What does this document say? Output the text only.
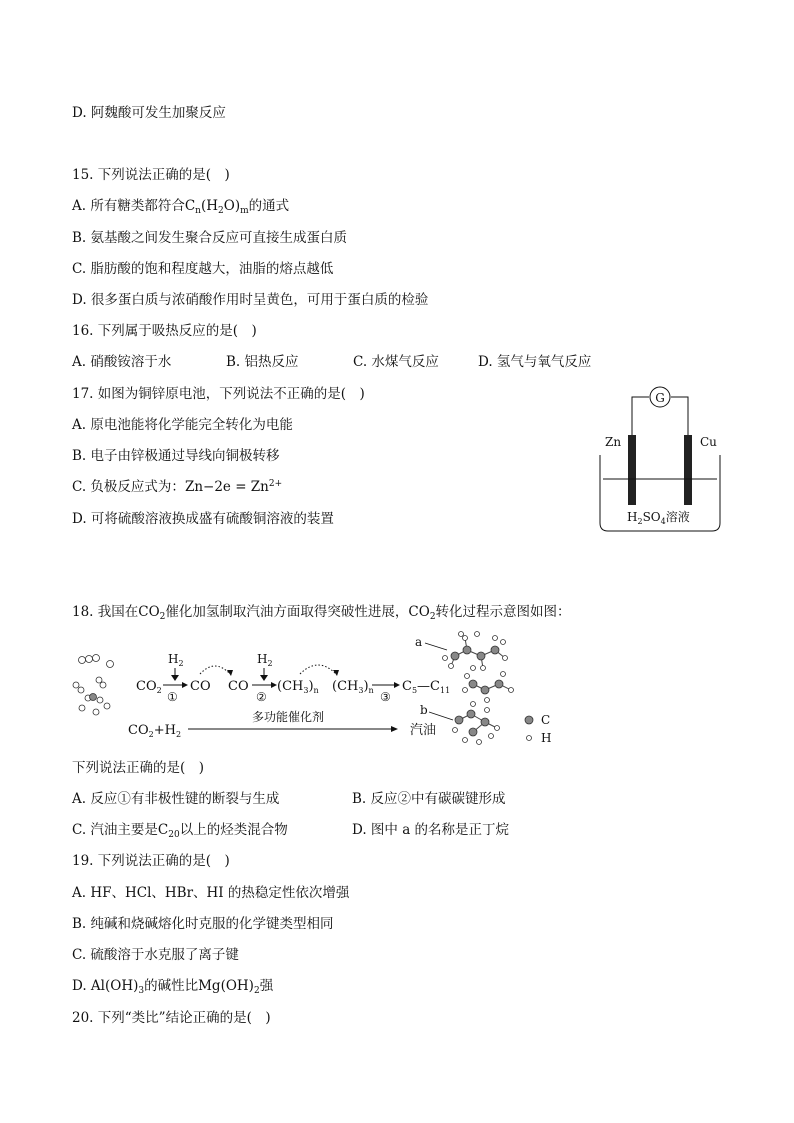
D. 阿魏酸可发生加聚反应
15. 下列说法正确的是(　)
A. 所有糖类都符合$C_n(H_2O)_m$的通式
B. 氨基酸之间发生聚合反应可直接生成蛋白质
C. 脂肪酸的饱和程度越大，油脂的熔点越低
D. 很多蛋白质与浓硝酸作用时呈黄色，可用于蛋白质的检验
16. 下列属于吸热反应的是(　)
A. 硝酸铵溶于水	B. 铝热反应	C. 水煤气反应	D. 氢气与氧气反应
17. 如图为铜锌原电池，下列说法不正确的是(　)
A. 原电池能将化学能完全转化为电能
B. 电子由锌极通过导线向铜极转移
C. 负极反应式为：$Zn-2e = Zn^{2+}$
D. 可将硫酸溶液换成盛有硫酸铜溶液的装置
G
Zn	Cu
$H_2SO_4$溶液
18. 我国在$CO_2$催化加氢制取汽油方面取得突破性进展，$CO_2$转化过程示意图如图：
$CO_2$
$H_2$
①
CO CO
$H_2$
②
$(CH_3)_n$ $(CH_3)_n$ ③
$C_5—C_{11}$
$CO_2+H_2$
多功能催化剂
汽油
a
b
C
H
下列说法正确的是(　)
A. 反应①有非极性键的断裂与生成	B. 反应②中有碳碳键形成
C. 汽油主要是$C_{20}$以上的烃类混合物	D. 图中 a 的名称是正丁烷
19. 下列说法正确的是(　)
A. HF、HCl、HBr、HI 的热稳定性依次增强
B. 纯碱和烧碱熔化时克服的化学键类型相同
C. 硫酸溶于水克服了离子键
D. $Al(OH)_3$的碱性比$Mg(OH)_2$强
20. 下列“类比”结论正确的是(　)
